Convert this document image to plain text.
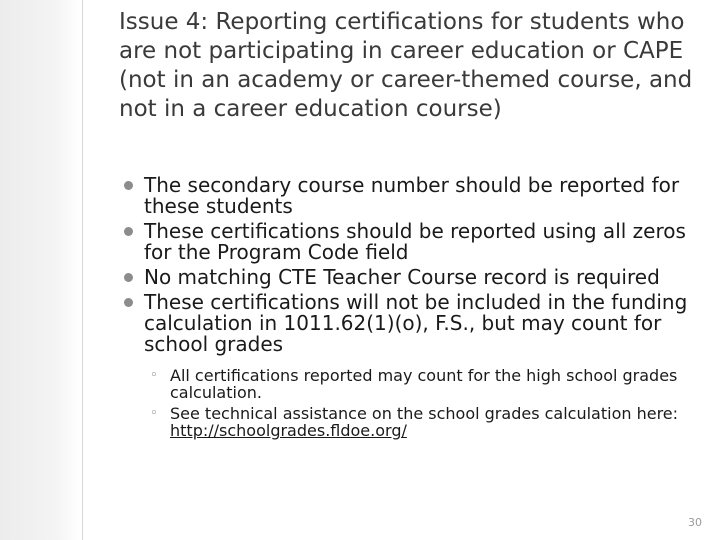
Issue 4: Reporting certifications for students who are not participating in career education or CAPE (not in an academy or career-themed course, and not in a career education course)
The secondary course number should be reported for these students
These certifications should be reported using all zeros for the Program Code field
No matching CTE Teacher Course record is required
These certifications will not be included in the funding calculation in 1011.62(1)(o), F.S., but may count for school grades
◦ All certifications reported may count for the high school grades calculation.
◦ See technical assistance on the school grades calculation here: http://schoolgrades.fldoe.org/
30
